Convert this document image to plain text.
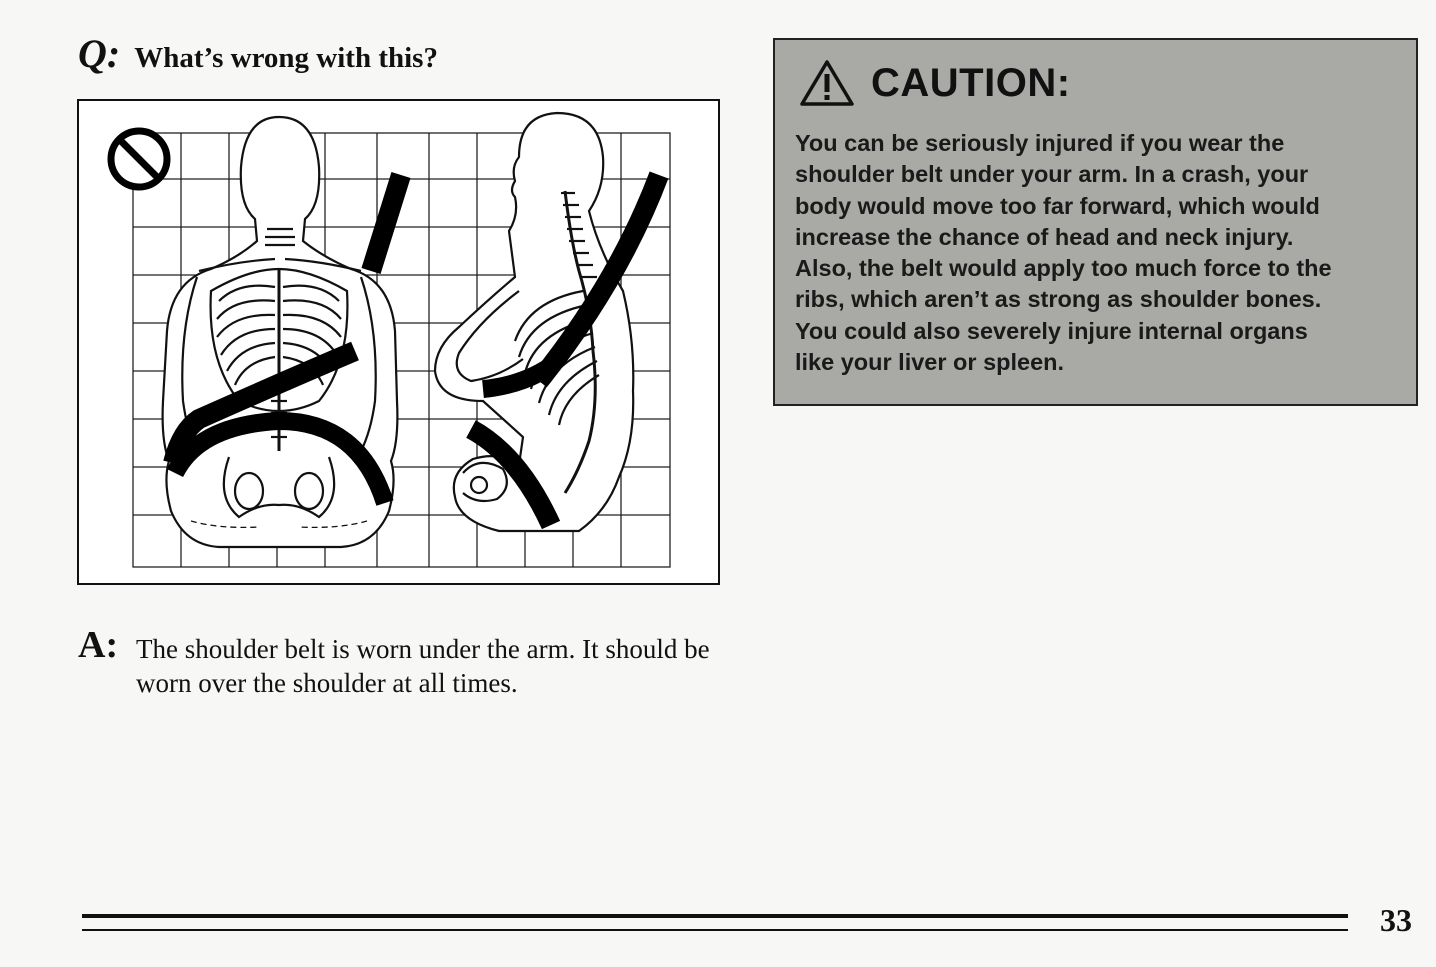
Q: What’s wrong with this?
A: The shoulder belt is worn under the arm. It should be worn over the shoulder at all times.
CAUTION:
You can be seriously injured if you wear the
shoulder belt under your arm. In a crash, your
body would move too far forward, which would
increase the chance of head and neck injury.
Also, the belt would apply too much force to the
ribs, which aren’t as strong as shoulder bones.
You could also severely injure internal organs
like your liver or spleen.
33
